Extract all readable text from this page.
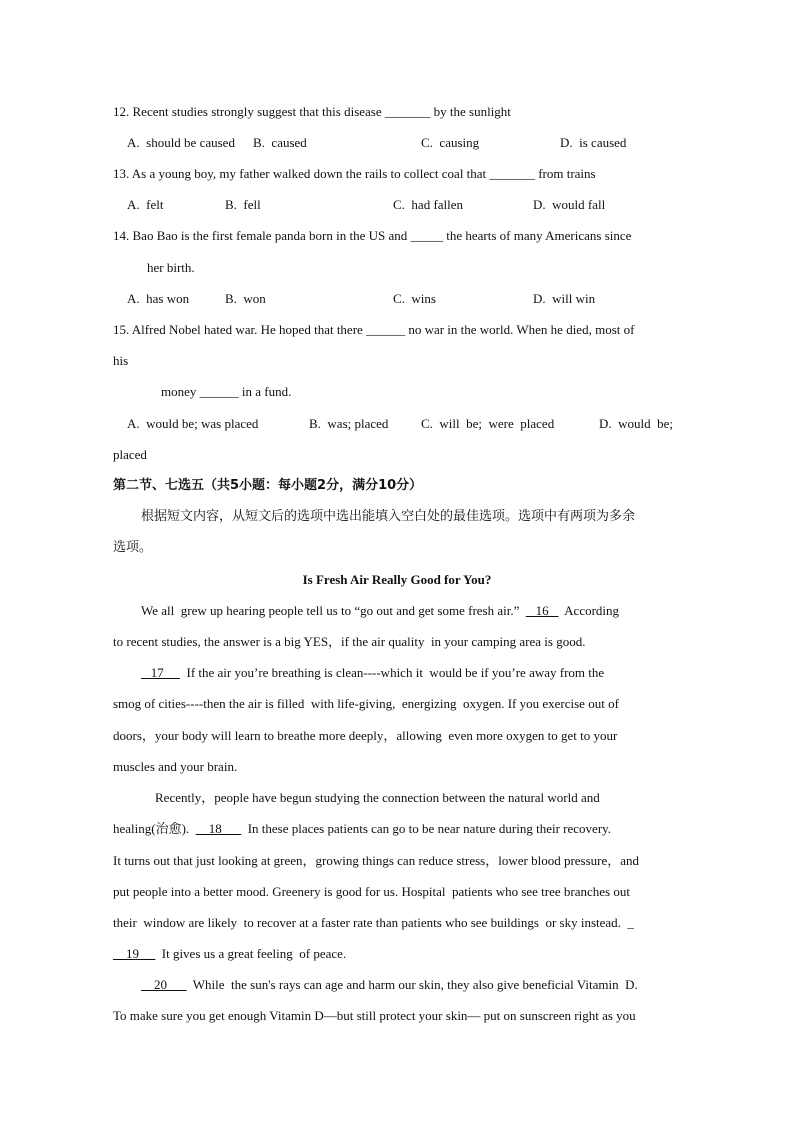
12. Recent studies strongly suggest that this disease _______ by the sunlight
A.  should be caused B.  caused	C.  causing	D.  is caused
13. As a young boy, my father walked down the rails to collect coal that _______ from trains
A.  felt	B.  fell	C.  had fallen	D.  would fall
14. Bao Bao is the first female panda born in the US and _____ the hearts of many Americans since
her birth.
A.  has won	B.  won	C.  wins	D.  will win
15. Alfred Nobel hated war. He hoped that there ______ no war in the world. When he died, most of
his
money ______ in a fund.
A.  would be; was placed	B.  was; placed	C.  will  be;  were  placed	D.  would  be;
placed
第二节、七选五（共5小题：每小题2分，满分10分）
根据短文内容，从短文后的选项中选出能填入空白处的最佳选项。选项中有两项为多余
选项。
Is Fresh Air Really Good for You?
We all  grew up hearing people tell us to “go out and get some fresh air.”  _ 16 _  According
to recent studies, the answer is a big YES，if the air quality  in your camping area is good.
17       If the air you’re breathing is clean----which it  would be if you’re away from the
smog of cities----then the air is filled  with life-giving,  energizing  oxygen. If you exercise out of
doors，your body will learn to breathe more deeply，allowing  even more oxygen to get to your
muscles and your brain.
Recently，people have begun studying the connection between the natural world and
healing(治愈).      18        In these places patients can go to be near nature during their recovery.
It turns out that just looking at green，growing things can reduce stress，lower blood pressure，and
put people into a better mood. Greenery is good for us. Hospital  patients who see tree branches out
their  window are likely  to recover at a faster rate than patients who see buildings  or sky instead.  _
__19 __  It gives us a great feeling  of peace.
20        While  the sun's rays can age and harm our skin, they also give beneficial Vitamin  D.
To make sure you get enough Vitamin D—but still protect your skin— put on sunscreen right as you
